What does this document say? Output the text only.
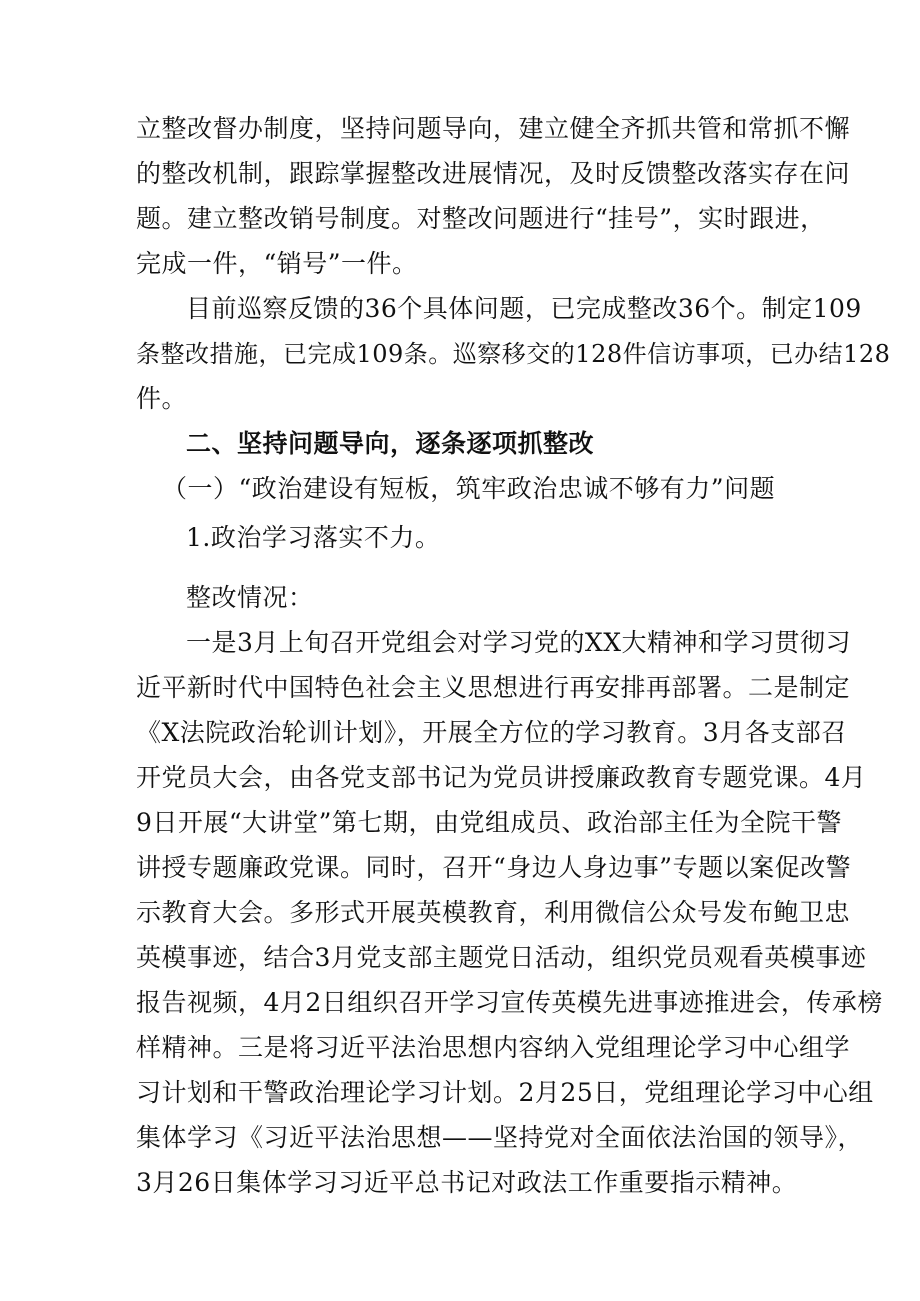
立整改督办制度，坚持问题导向，建立健全齐抓共管和常抓不懈
的整改机制，跟踪掌握整改进展情况，及时反馈整改落实存在问
题。建立整改销号制度。对整改问题进行“挂号”，实时跟进，
完成一件，“销号”一件。
目前巡察反馈的36个具体问题，已完成整改36个。制定109
条整改措施，已完成109条。巡察移交的128件信访事项，已办结128
件。
二、坚持问题导向，逐条逐项抓整改
（一）“政治建设有短板，筑牢政治忠诚不够有力”问题
1.政治学习落实不力。
整改情况：
一是3月上旬召开党组会对学习党的XX大精神和学习贯彻习
近平新时代中国特色社会主义思想进行再安排再部署。二是制定
《X法院政治轮训计划》，开展全方位的学习教育。3月各支部召
开党员大会，由各党支部书记为党员讲授廉政教育专题党课。4月
9日开展“大讲堂”第七期，由党组成员、政治部主任为全院干警
讲授专题廉政党课。同时，召开“身边人身边事”专题以案促改警
示教育大会。多形式开展英模教育，利用微信公众号发布鲍卫忠
英模事迹，结合3月党支部主题党日活动，组织党员观看英模事迹
报告视频，4月2日组织召开学习宣传英模先进事迹推进会，传承榜
样精神。三是将习近平法治思想内容纳入党组理论学习中心组学
习计划和干警政治理论学习计划。2月25日，党组理论学习中心组
集体学习《习近平法治思想——坚持党对全面依法治国的领导》，
3月26日集体学习习近平总书记对政法工作重要指示精神。
